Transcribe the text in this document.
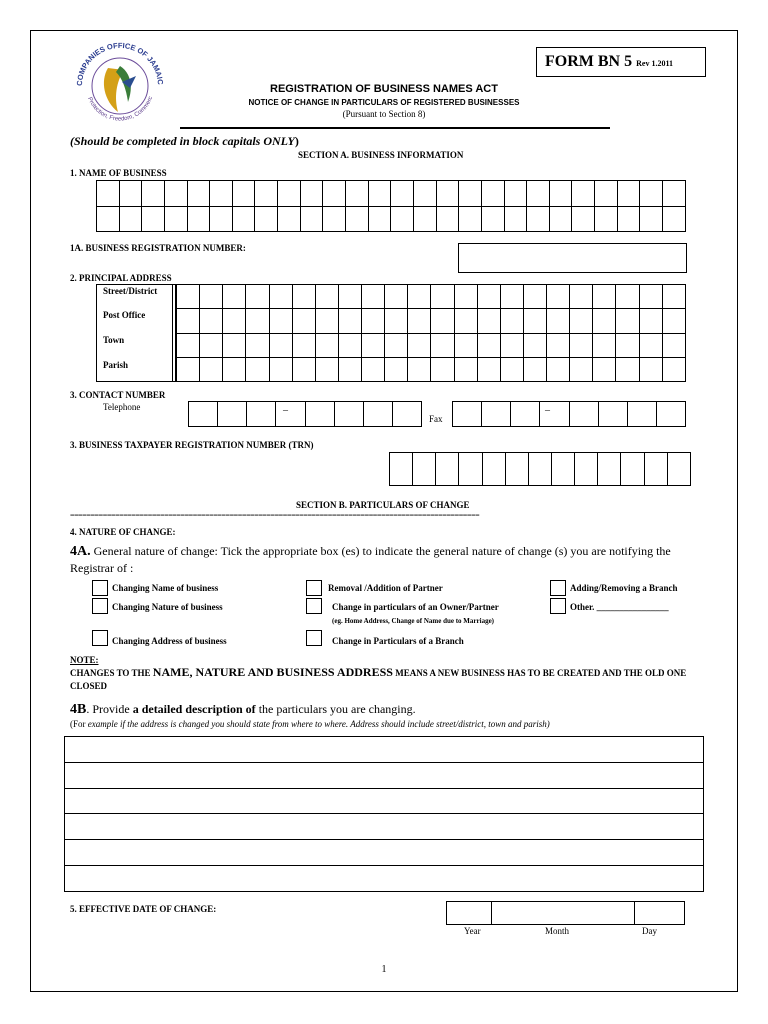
COMPANIES OFFICE OF JAMAIC
Protection, Freedom, Commerc
FORM BN 5 Rev 1.2011
REGISTRATION OF BUSINESS NAMES ACT
NOTICE OF CHANGE IN PARTICULARS OF REGISTERED BUSINESSES
(Pursuant to Section 8)
(Should be completed in block capitals ONLY)
SECTION A. BUSINESS INFORMATION
1. NAME OF BUSINESS

1A. BUSINESS REGISTRATION NUMBER:
2. PRINCIPAL ADDRESS
Street/District
Post Office
Town
Parish

3. CONTACT NUMBER
Telephone
								–
Fax

–
3. BUSINESS TAXPAYER REGISTRATION NUMBER (TRN)

SECTION B. PARTICULARS OF CHANGE
====================================================================================================
4. NATURE OF CHANGE:
4A. General nature of change: Tick the appropriate box (es) to indicate the general nature of change (s) you are notifying the Registrar of :
Changing Name of business
Changing Nature of business
Changing Address of business
Removal /Addition of Partner
Change in particulars of an Owner/Partner
(eg. Home Address, Change of Name due to Marriage)
Change in Particulars of a Branch
Adding/Removing a Branch
Other. ________________
NOTE:
CHANGES TO THE NAME, NATURE AND BUSINESS ADDRESS MEANS A NEW BUSINESS HAS TO BE CREATED AND THE OLD ONE CLOSED
4B. Provide a detailed description of the particulars you are changing.
(For example if the address is changed you should state from where to where. Address should include street/district, town and parish)

5. EFFECTIVE DATE OF CHANGE:
Year	Month	Day
1
